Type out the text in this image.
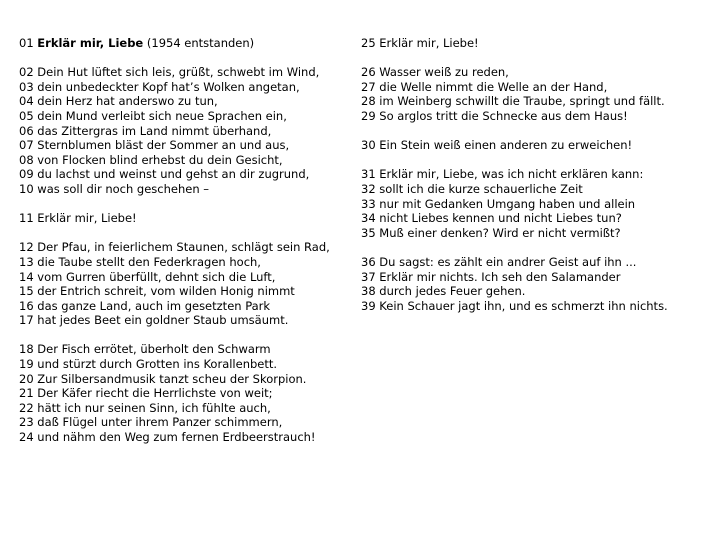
01 Erklär mir, Liebe (1954 entstanden)
02 Dein Hut lüftet sich leis, grüßt, schwebt im Wind,
03 dein unbedeckter Kopf hat’s Wolken angetan,
04 dein Herz hat anderswo zu tun,
05 dein Mund verleibt sich neue Sprachen ein,
06 das Zittergras im Land nimmt überhand,
07 Sternblumen bläst der Sommer an und aus,
08 von Flocken blind erhebst du dein Gesicht,
09 du lachst und weinst und gehst an dir zugrund,
10 was soll dir noch geschehen –
11 Erklär mir, Liebe!
12 Der Pfau, in feierlichem Staunen, schlägt sein Rad,
13 die Taube stellt den Federkragen hoch,
14 vom Gurren überfüllt, dehnt sich die Luft,
15 der Entrich schreit, vom wilden Honig nimmt
16 das ganze Land, auch im gesetzten Park
17 hat jedes Beet ein goldner Staub umsäumt.
18 Der Fisch errötet, überholt den Schwarm
19 und stürzt durch Grotten ins Korallenbett.
20 Zur Silbersandmusik tanzt scheu der Skorpion.
21 Der Käfer riecht die Herrlichste von weit;
22 hätt ich nur seinen Sinn, ich fühlte auch,
23 daß Flügel unter ihrem Panzer schimmern,
24 und nähm den Weg zum fernen Erdbeerstrauch!
25 Erklär mir, Liebe!
26 Wasser weiß zu reden,
27 die Welle nimmt die Welle an der Hand,
28 im Weinberg schwillt die Traube, springt und fällt.
29 So arglos tritt die Schnecke aus dem Haus!
30 Ein Stein weiß einen anderen zu erweichen!
31 Erklär mir, Liebe, was ich nicht erklären kann:
32 sollt ich die kurze schauerliche Zeit
33 nur mit Gedanken Umgang haben und allein
34 nicht Liebes kennen und nicht Liebes tun?
35 Muß einer denken? Wird er nicht vermißt?
36 Du sagst: es zählt ein andrer Geist auf ihn ...
37 Erklär mir nichts. Ich seh den Salamander
38 durch jedes Feuer gehen.
39 Kein Schauer jagt ihn, und es schmerzt ihn nichts.
